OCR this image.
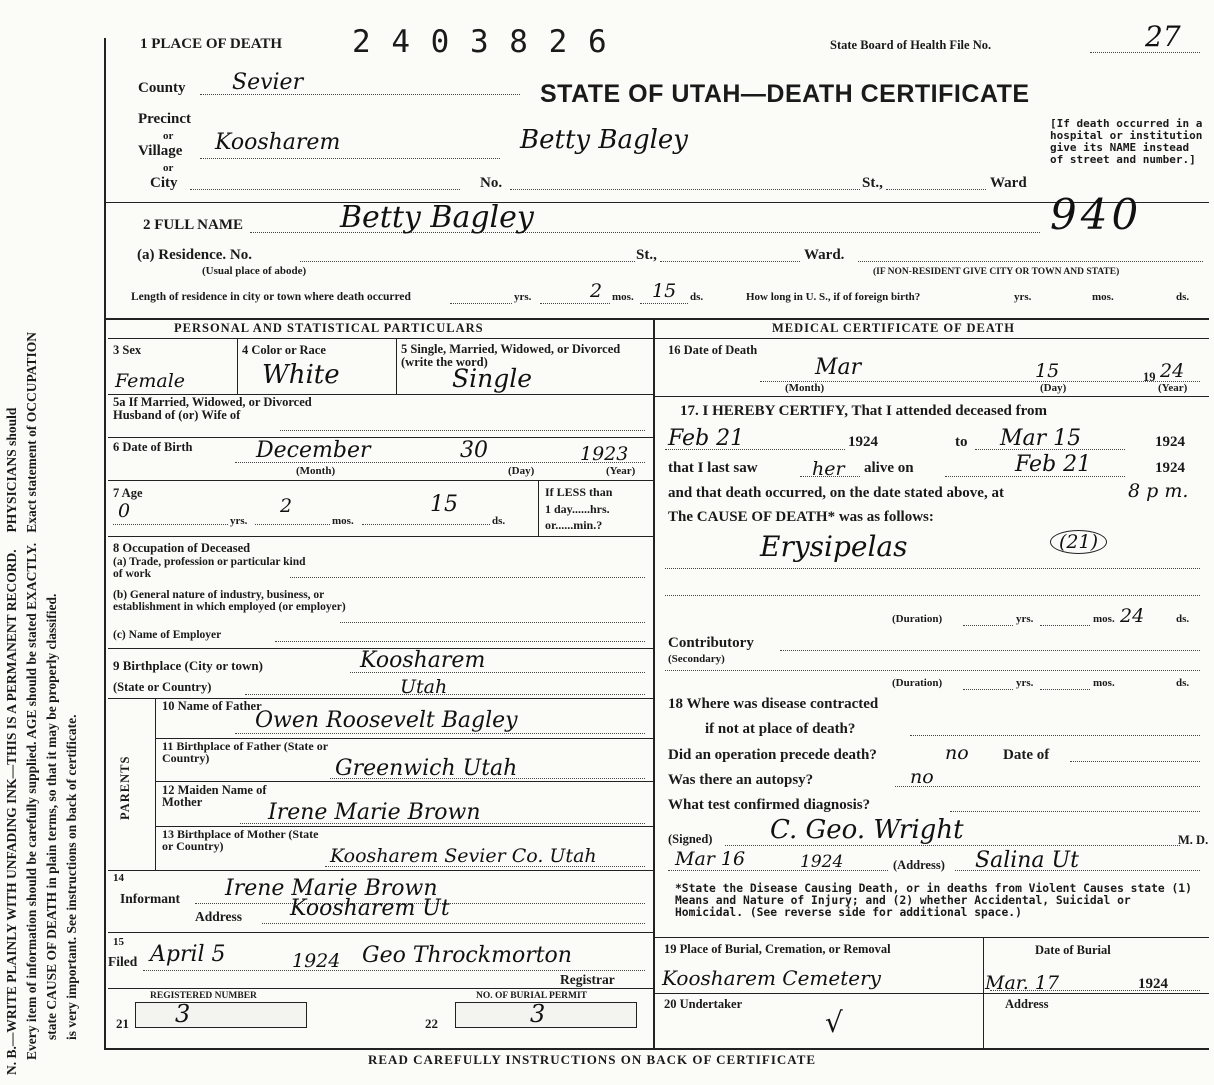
N. B.—WRITE PLAINLY WITH UNFADING INK—THIS IS A PERMANENT RECORD.     PHYSICIANS should
Every item of information should be carefully supplied. AGE should be stated EXACTLY.   Exact statement of OCCUPATION
state CAUSE OF DEATH in plain terms, so that it may be properly classified. is very important. See instructions on back of certificate.
1 PLACE OF DEATH 2 4 0 3 8 2 6	State Board of Health File No.	27
County Sevier	STATE OF UTAH—DEATH CERTIFICATE
Precinct
or
Village Koosharem
or
City
Betty Bagley
No.	St.,	Ward
[If death occurred in a hospital or institution give its NAME instead of street and number.]
2 FULL NAME	Betty Bagley	940
(a) Residence. No.
(Usual place of abode)
St.,	Ward.
(IF NON-RESIDENT GIVE CITY OR TOWN AND STATE)
Length of residence in city or town where death occurred	yrs.	2 mos. 15 ds.	How long in U. S., if of foreign birth?	yrs.	mos.	ds.
PERSONAL AND STATISTICAL PARTICULARS
3 Sex
Female
4 Color or Race
White
5 Single, Married, Widowed, or Divorced (write the word)
Single
5a If Married, Widowed, or Divorced Husband of (or) Wife of
6 Date of Birth	December	30	1923
(Month)	(Day)	(Year)
7 Age
0	yrs.
2
mos.
15
ds.
If LESS than
1 day......hrs.
or......min.?
8 Occupation of Deceased
(a) Trade, profession or particular kind of work
(b) General nature of industry, business, or establishment in which employed (or employer)
(c) Name of Employer
9 Birthplace (City or town)	Koosharem
(State or Country)	Utah
PARENTS
10 Name of Father
Owen Roosevelt Bagley
11 Birthplace of Father (State or Country)	Greenwich Utah
12 Maiden Name of Mother	Irene Marie Brown
13 Birthplace of Mother (State or Country)	Koosharem Sevier Co. Utah
14
Informant Irene Marie Brown
Address Koosharem Ut
15
Filed April 5	1924 Geo Throckmorton
Registrar
REGISTERED NUMBER
21 3
NO. OF BURIAL PERMIT
22	3
MEDICAL CERTIFICATE OF DEATH
16 Date of Death
Mar	15	19 24
(Month)	(Day)	(Year)
17. I HEREBY CERTIFY, That I attended deceased from
Feb 21	1924	to Mar 15	1924
that I last saw	her alive on	Feb 21	1924
and that death occurred, on the date stated above, at	8 p m.
The CAUSE OF DEATH* was as follows:
Erysipelas	(21)
(Duration)	yrs.	mos. 24	ds.
Contributory
(Secondary)
(Duration)	yrs.	mos.	ds.
18 Where was disease contracted
if not at place of death?
Did an operation precede death?	no Date of
Was there an autopsy?	no
What test confirmed diagnosis?
(Signed) C. Geo. Wright	M. D.
Mar 16	1924	(Address) Salina Ut
*State the Disease Causing Death, or in deaths from Violent Causes state (1) Means and Nature of Injury; and (2) whether Accidental, Suicidal or Homicidal. (See reverse side for additional space.)
19 Place of Burial, Cremation, or Removal
Koosharem Cemetery
Date of Burial
Mar. 17	1924
20 Undertaker
√
Address
READ CAREFULLY INSTRUCTIONS ON BACK OF CERTIFICATE
